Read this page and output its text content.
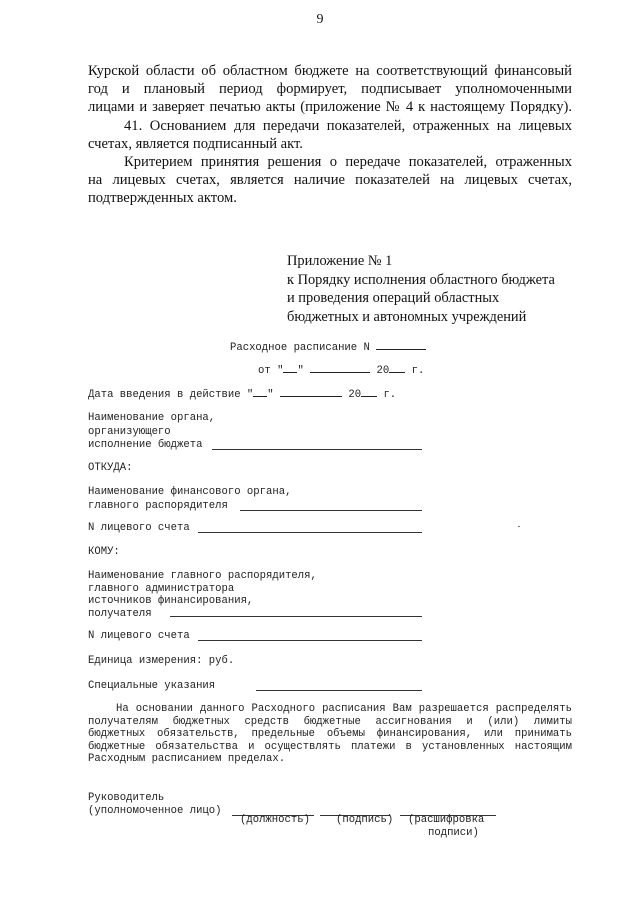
9
Курской области об областном бюджете на соответствующий финансовый
год и плановый период формирует, подписывает уполномоченными
лицами и заверяет печатью акты (приложение № 4 к настоящему Порядку).
41. Основанием для передачи показателей, отраженных на лицевых
счетах, является подписанный акт.
Критерием принятия решения о передаче показателей, отраженных
на лицевых счетах, является наличие показателей на лицевых счетах,
подтвержденных актом.
Приложение № 1
к Порядку исполнения областного бюджета
и проведения операций областных
бюджетных и автономных учреждений
Расходное расписание N
от " "	20 г.
Дата введения в действие " "	20 г.
Наименование органа,
организующего
исполнение бюджета
ОТКУДА:
Наименование финансового органа,
главного распорядителя
N лицевого счета
КОМУ:
Наименование главного распорядителя,
главного администратора
источников финансирования,
получателя
N лицевого счета
Единица измерения: руб.
Специальные указания
На основании данного Расходного расписания Вам разрешается распределять
получателям бюджетных средств бюджетные ассигнования и (или) лимиты
бюджетных обязательств, предельные объемы финансирования, или принимать
бюджетные обязательства и осуществлять платежи в установленных настоящим
Расходным расписанием пределах.
Руководитель
(уполномоченное лицо)
(должность) (подпись) (расшифровка
подписи)
